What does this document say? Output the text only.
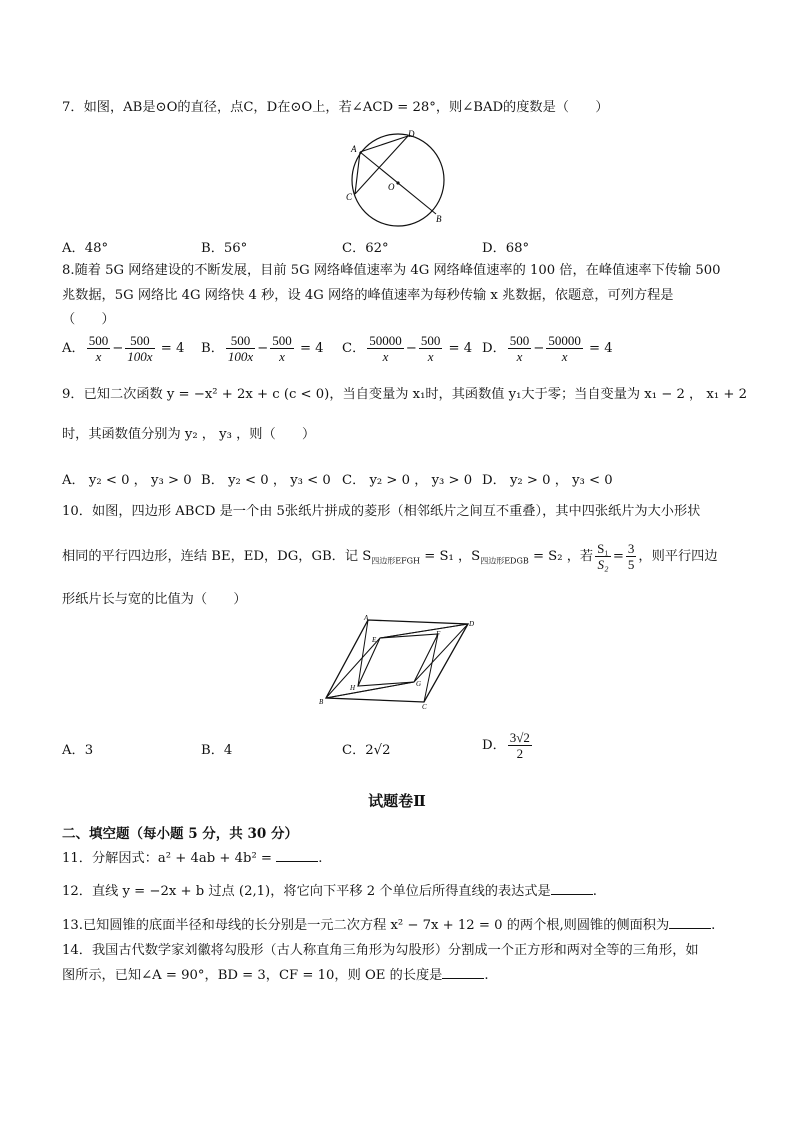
7．如图，AB是⊙O的直径，点C，D在⊙O上，若∠ACD = 28°，则∠BAD的度数是（　　）
A
D
O
C
B
A．48°	B．56°	C．62°	D．68°
8.随着 5G 网络建设的不断发展，目前 5G 网络峰值速率为 4G 网络峰值速率的 100 倍，在峰值速率下传输 500
兆数据，5G 网络比 4G 网络快 4 秒，设 4G 网络的峰值速率为每秒传输 x 兆数据，依题意，可列方程是
（　　）
A． $\frac{500}{x} - \frac{500}{100x} = 4$ B． $\frac{500}{100x} - \frac{500}{x} = 4$ C． $\frac{50000}{x} - \frac{500}{x} = 4$ D． $\frac{500}{x} - \frac{50000}{x} = 4$
9．已知二次函数 y = −x² + 2x + c (c < 0)，当自变量为 x₁时，其函数值 y₁大于零；当自变量为 x₁ − 2 ， x₁ + 2
时，其函数值分别为 y₂ ， y₃ ，则（　　）
A． y₂ < 0 ， y₃ > 0 B． y₂ < 0 ， y₃ < 0 C． y₂ > 0 ， y₃ > 0 D． y₂ > 0 ， y₃ < 0
10．如图，四边形 ABCD 是一个由 5张纸片拼成的菱形（相邻纸片之间互不重叠），其中四张纸片为大小形状
相同的平行四边形，连结 BE，ED，DG，GB．记 $S_{四边形EFGH} = S_1$ ，$S_{四边形EDGB} = S_2$ ，若 $\frac{\text{S₁}}{\text{S₂}} = \frac{3}{5}$ ，则平行四边
形纸片长与宽的比值为（　　）
A
D
E
F
G
H
B
C
A．3	B．4	C．2√2	D． $\frac{3√2}{2}$
试题卷Ⅱ
二、填空题（每小题 5 分，共 30 分）
11．分解因式：a² + 4ab + 4b² =	.
12．直线 y = −2x + b 过点 (2,1)，将它向下平移 2 个单位后所得直线的表达式是	.
13.已知圆锥的底面半径和母线的长分别是一元二次方程 x² − 7x + 12 = 0 的两个根,则圆锥的侧面积为	.
14．我国古代数学家刘徽将勾股形（古人称直角三角形为勾股形）分割成一个正方形和两对全等的三角形，如
图所示，已知∠A = 90°，BD = 3，CF = 10，则 OE 的长度是	.
